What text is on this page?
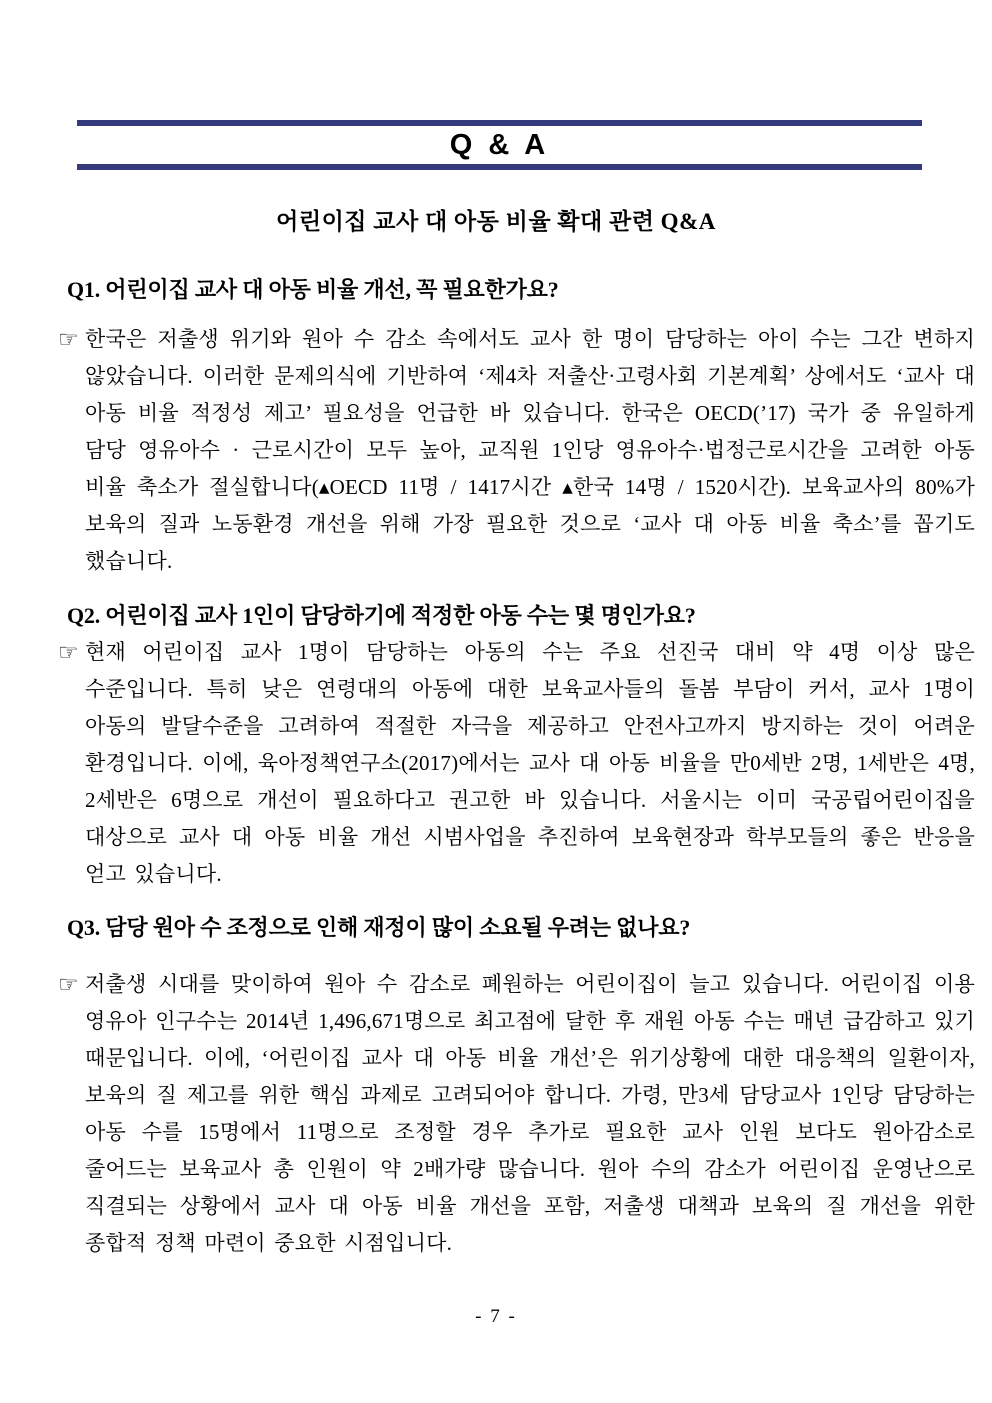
Q & A
어린이집 교사 대 아동 비율 확대 관련 Q&A
Q1. 어린이집 교사 대 아동 비율 개선, 꼭 필요한가요?
☞ 한국은 저출생 위기와 원아 수 감소 속에서도 교사 한 명이 담당하는 아이 수는 그간 변하지 않았습니다. 이러한 문제의식에 기반하여 ‘제4차 저출산·고령사회 기본계획’ 상에서도 ‘교사 대 아동 비율 적정성 제고’ 필요성을 언급한 바 있습니다. 한국은 OECD(’17) 국가 중 유일하게 담당 영유아수 · 근로시간이 모두 높아, 교직원 1인당 영유아수·법정근로시간을 고려한 아동 비율 축소가 절실합니다(▴OECD 11명 / 1417시간 ▴한국 14명 / 1520시간). 보육교사의 80%가 보육의 질과 노동환경 개선을 위해 가장 필요한 것으로 ‘교사 대 아동 비율 축소’를 꼽기도 했습니다.
Q2. 어린이집 교사 1인이 담당하기에 적정한 아동 수는 몇 명인가요?
☞ 현재 어린이집 교사 1명이 담당하는 아동의 수는 주요 선진국 대비 약 4명 이상 많은 수준입니다. 특히 낮은 연령대의 아동에 대한 보육교사들의 돌봄 부담이 커서, 교사 1명이 아동의 발달수준을 고려하여 적절한 자극을 제공하고 안전사고까지 방지하는 것이 어려운 환경입니다. 이에, 육아정책연구소(2017)에서는 교사 대 아동 비율을 만0세반 2명, 1세반은 4명, 2세반은 6명으로 개선이 필요하다고 권고한 바 있습니다. 서울시는 이미 국공립어린이집을 대상으로 교사 대 아동 비율 개선 시범사업을 추진하여 보육현장과 학부모들의 좋은 반응을 얻고 있습니다.
Q3. 담당 원아 수 조정으로 인해 재정이 많이 소요될 우려는 없나요?
☞ 저출생 시대를 맞이하여 원아 수 감소로 폐원하는 어린이집이 늘고 있습니다. 어린이집 이용 영유아 인구수는 2014년 1,496,671명으로 최고점에 달한 후 재원 아동 수는 매년 급감하고 있기 때문입니다. 이에, ‘어린이집 교사 대 아동 비율 개선’은 위기상황에 대한 대응책의 일환이자, 보육의 질 제고를 위한 핵심 과제로 고려되어야 합니다. 가령, 만3세 담당교사 1인당 담당하는 아동 수를 15명에서 11명으로 조정할 경우 추가로 필요한 교사 인원 보다도 원아감소로 줄어드는 보육교사 총 인원이 약 2배가량 많습니다. 원아 수의 감소가 어린이집 운영난으로 직결되는 상황에서 교사 대 아동 비율 개선을 포함, 저출생 대책과 보육의 질 개선을 위한 종합적 정책 마련이 중요한 시점입니다.
- 7 -
